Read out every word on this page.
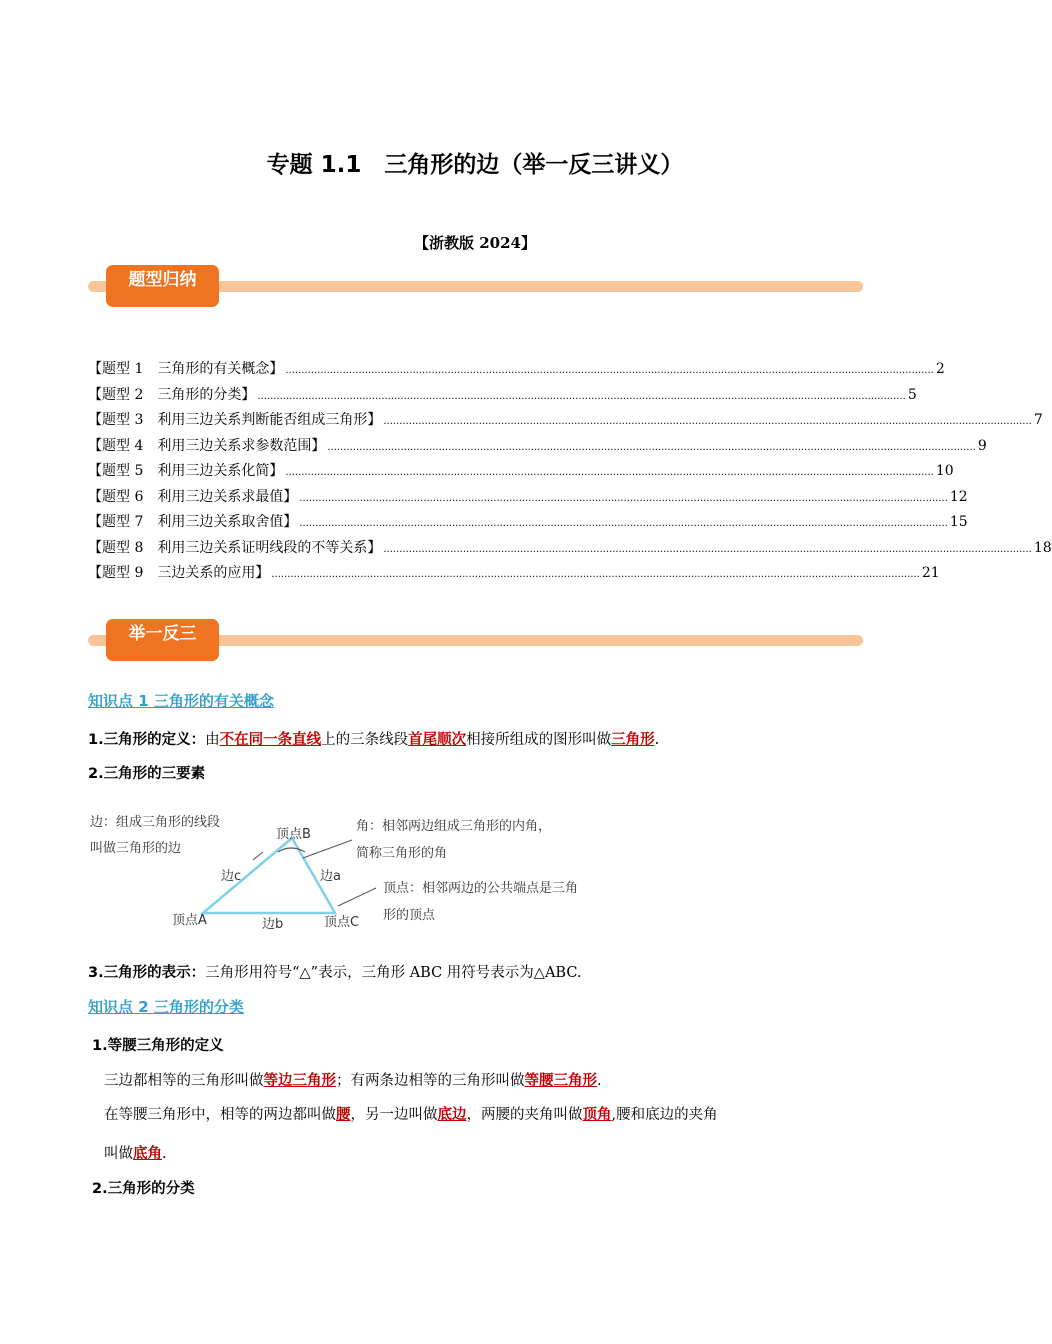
专题 1.1　三角形的边（举一反三讲义）
【浙教版 2024】
题型归纳
【题型 1　三角形的有关概念】 ............................................................................................................................................................................................................ 2
【题型 2　三角形的分类】 ............................................................................................................................................................................................................ 5
【题型 3　利用三边关系判断能否组成三角形】 ............................................................................................................................................................................................................ 7
【题型 4　利用三边关系求参数范围】 ............................................................................................................................................................................................................ 9
【题型 5　利用三边关系化简】 ............................................................................................................................................................................................................ 10
【题型 6　利用三边关系求最值】 ............................................................................................................................................................................................................ 12
【题型 7　利用三边关系取舍值】 ............................................................................................................................................................................................................ 15
【题型 8　利用三边关系证明线段的不等关系】 ............................................................................................................................................................................................................ 18
【题型 9　三边关系的应用】 ............................................................................................................................................................................................................ 21
举一反三
知识点 1 三角形的有关概念
1.三角形的定义：由不在同一条直线上的三条线段首尾顺次相接所组成的图形叫做三角形.
2.三角形的三要素
边：组成三角形的线段
叫做三角形的边
顶点B
顶点A	顶点C
边c	边a
边b
角：相邻两边组成三角形的内角，
简称三角形的角
顶点：相邻两边的公共端点是三角
形的顶点
3.三角形的表示：三角形用符号“△”表示，三角形 ABC 用符号表示为△ABC.
知识点 2 三角形的分类
1.等腰三角形的定义
三边都相等的三角形叫做等边三角形；有两条边相等的三角形叫做等腰三角形.
在等腰三角形中，相等的两边都叫做腰，另一边叫做底边，两腰的夹角叫做顶角,腰和底边的夹角
叫做底角.
2.三角形的分类
